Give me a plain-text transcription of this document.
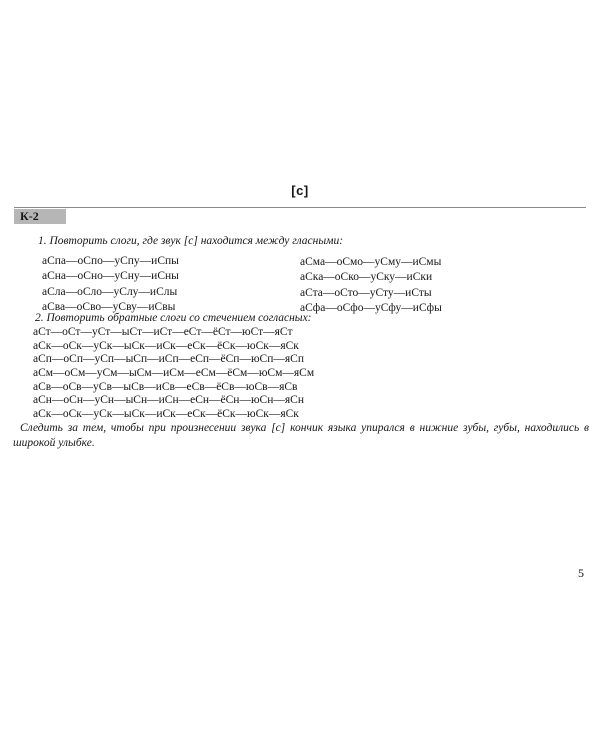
[с]
К-2
1. Повторить слоги, где звук [с] находится между гласными:
аСпа—оСпо—уСпу—иСпы
аСна—оСно—уСну—иСны
аСла—оСло—уСлу—иСлы
аСва—оСво—уСву—иСвы
аСма—оСмо—уСму—иСмы
аСка—оСко—уСку—иСки
аСта—оСто—уСту—иСты
аСфа—оСфо—уСфу—иСфы
2. Повторить обратные слоги со стечением согласных:
аСт—оСт—уСт—ыСт—иСт—еСт—ёСт—юСт—яСт
аСк—оСк—уСк—ыСк—иСк—еСк—ёСк—юСк—яСк
аСп—оСп—уСп—ыСп—иСп—еСп—ёСп—юСп—яСп
аСм—оСм—уСм—ыСм—иСм—еСм—ёСм—юСм—яСм
аСв—оСв—уСв—ыСв—иСв—еСв—ёСв—юСв—яСв
аСн—оСн—уСн—ыСн—иСн—еСн—ёСн—юСн—яСн
аСк—оСк—уСк—ыСк—иСк—еСк—ёСк—юСк—яСк
Следить за тем, чтобы при произнесении звука [с] кончик языка упирался в нижние зубы, губы, находились в широкой улыбке.
5
